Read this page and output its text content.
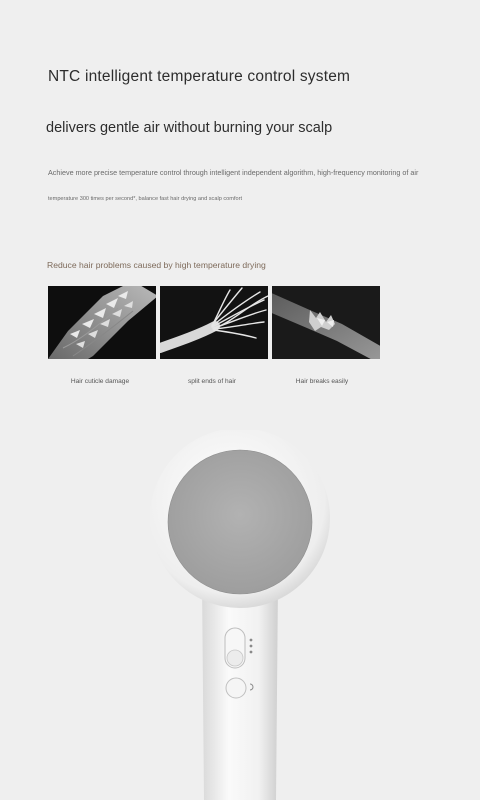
NTC intelligent temperature control system
delivers gentle air without burning your scalp
Achieve more precise temperature control through intelligent independent algorithm, high-frequency monitoring of air
temperature 300 times per second*, balance fast hair drying and scalp comfort
Reduce hair problems caused by high temperature drying
Hair cuticle damage	split ends of hair	Hair breaks easily
